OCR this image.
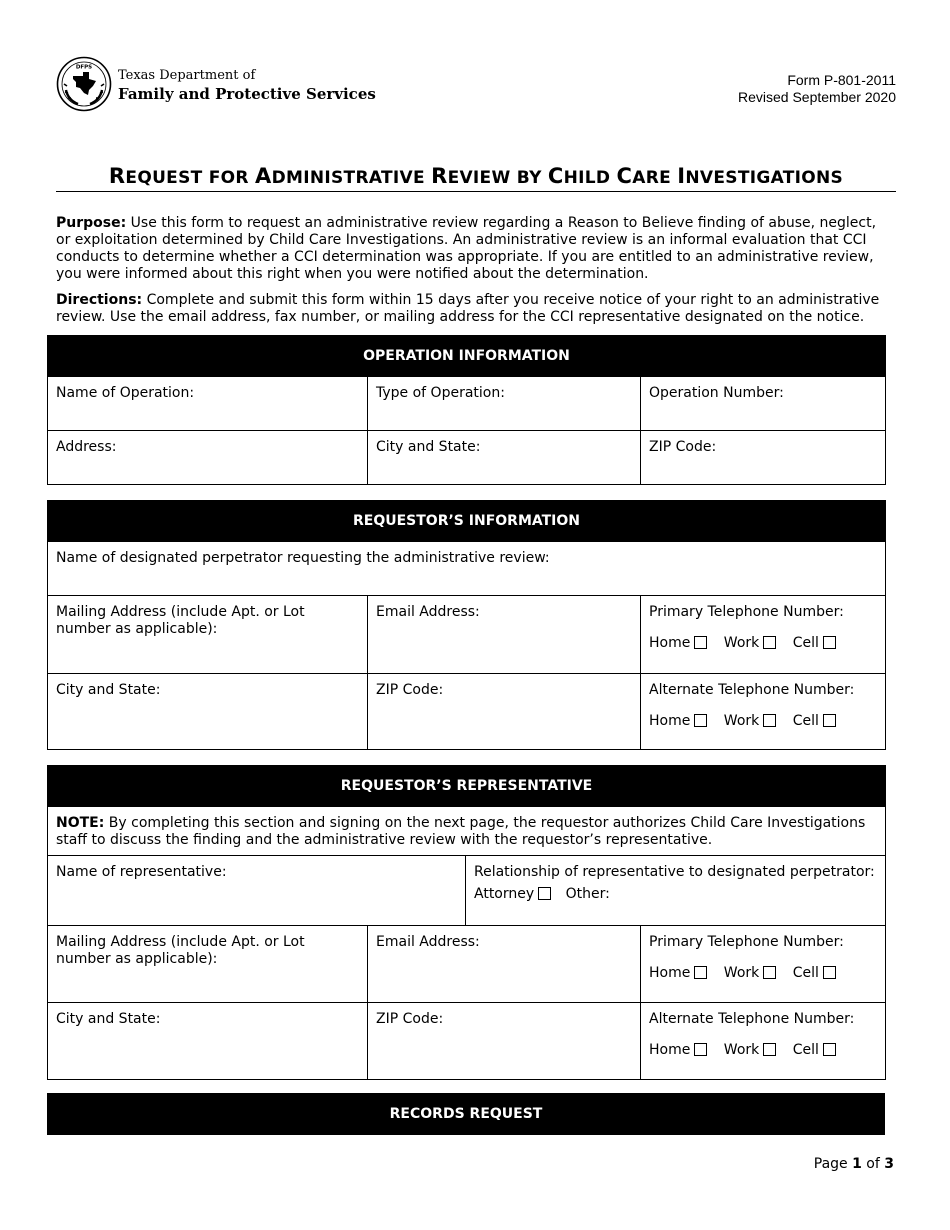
DFPS
Texas Department of
Family and Protective Services
Form P-801-2011
Revised September 2020
REQUEST FOR ADMINISTRATIVE REVIEW BY CHILD CARE INVESTIGATIONS

Purpose: Use this form to request an administrative review regarding a Reason to Believe finding of abuse, neglect, or exploitation determined by Child Care Investigations. An administrative review is an informal evaluation that CCI conducts to determine whether a CCI determination was appropriate. If you are entitled to an administrative review, you were informed about this right when you were notified about the determination.

Directions: Complete and submit this form within 15 days after you receive notice of your right to an administrative review. Use the email address, fax number, or mailing address for the CCI representative designated on the notice.

OPERATION INFORMATION		
Name of Operation:	Type of Operation:	Operation Number:
Address:	City and State:	ZIP Code:
REQUESTOR’S INFORMATION		
Name of designated perpetrator requesting the administrative review:		
Mailing Address (include Apt. or Lot number as applicable):	Email Address:	Primary Telephone Number:
Home Work Cell

City and State:	ZIP Code:	Alternate Telephone Number:
Home Work Cell
REQUESTOR’S REPRESENTATIVE			
NOTE: By completing this section and signing on the next page, the requestor authorizes Child Care Investigations staff to discuss the finding and the administrative review with the requestor’s representative.			
Name of representative:		Relationship of representative to designated perpetrator:
Attorney Other:	

Mailing Address (include Apt. or Lot number as applicable):	Email Address:		Primary Telephone Number:
Home Work Cell

City and State:	ZIP Code:		Alternate Telephone Number:
Home Work Cell
RECORDS REQUEST
Page 1 of 3
